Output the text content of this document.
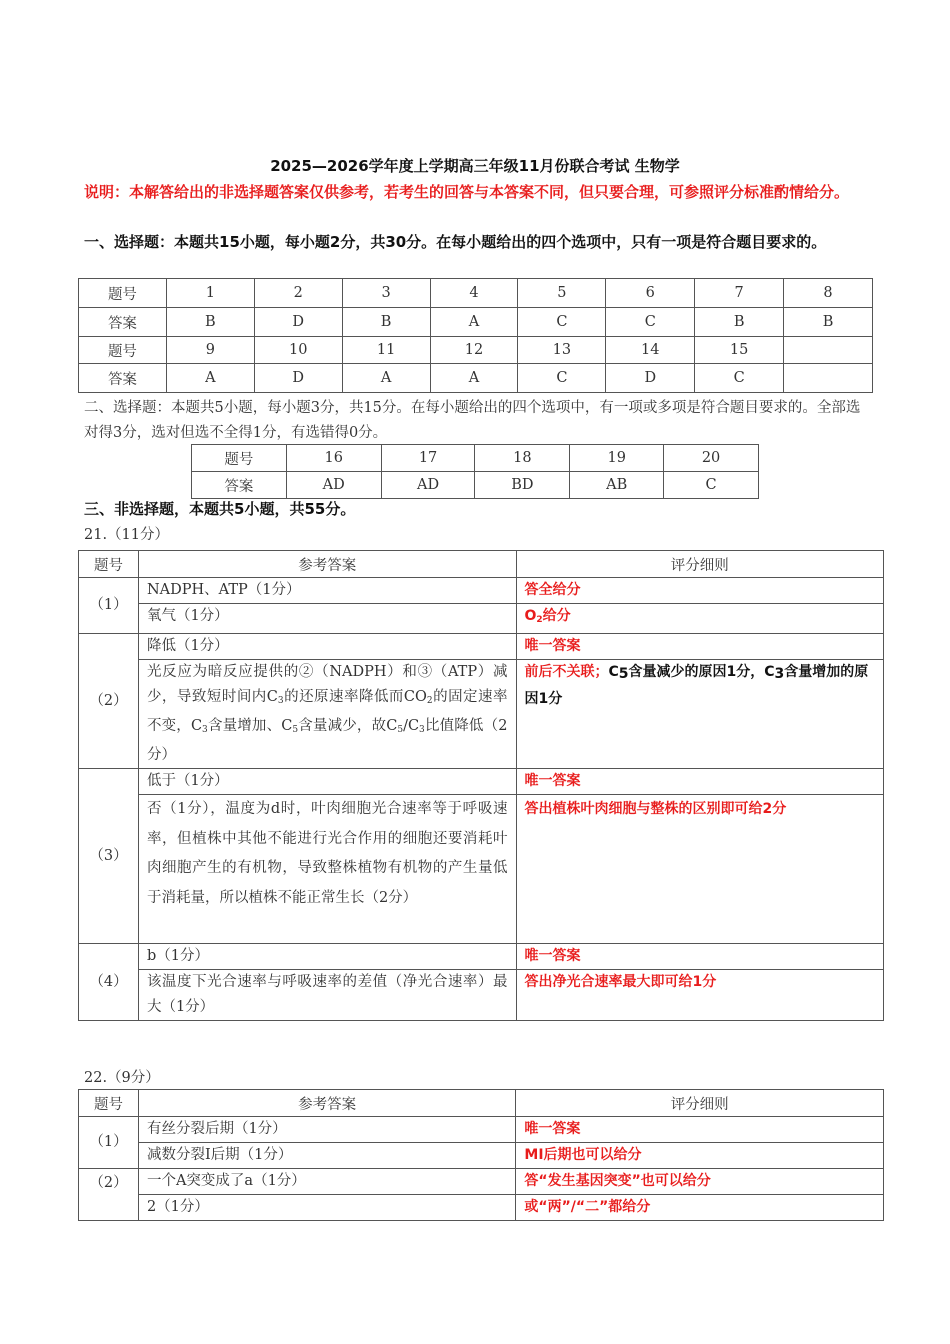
2025—2026学年度上学期高三年级11月份联合考试 生物学
说明：本解答给出的非选择题答案仅供参考，若考生的回答与本答案不同，但只要合理，可参照评分标准酌情给分。
一、选择题：本题共15小题，每小题2分，共30分。在每小题给出的四个选项中，只有一项是符合题目要求的。
题号	1	2	3	4	5	6	7	8
答案	B	D	B	A	C	C	B	B
题号	9	10	11	12	13	14	15	
答案	A	D	A	A	C	D	C	
二、选择题：本题共5小题，每小题3分，共15分。在每小题给出的四个选项中，有一项或多项是符合题目要求的。全部选对得3分，选对但选不全得1分，有选错得0分。
题号	16	17	18	19	20
答案	AD	AD	BD	AB	C
三、非选择题，本题共5小题，共55分。
21.（11分）
题号	参考答案	评分细则
（1）	NADPH、ATP（1分）	答全给分
	氧气（1分）	$O_2$给分
（2）	降低（1分）	唯一答案
	光反应为暗反应提供的②（NADPH）和③（ATP）减少，导致短时间内$C_3$的还原速率降低而$CO_2$的固定速率不变，$C_3$含量增加、$C_5$含量减少，故$C_5/C_3$比值降低（2分）	前后不关联；$C_5$含量减少的原因1分，$C_3$含量增加的原因1分
（3）	低于（1分）	唯一答案
	否（1分），温度为d时，叶肉细胞光合速率等于呼吸速率，但植株中其他不能进行光合作用的细胞还要消耗叶肉细胞产生的有机物，导致整株植物有机物的产生量低于消耗量，所以植株不能正常生长（2分）	答出植株叶肉细胞与整株的区别即可给2分
（4）	b（1分）	唯一答案
	该温度下光合速率与呼吸速率的差值（净光合速率）最大（1分）	答出净光合速率最大即可给1分
22.（9分）
题号	参考答案	评分细则
（1）	有丝分裂后期（1分）	唯一答案
	减数分裂Ⅰ后期（1分）	MI后期也可以给分
（2）	一个A突变成了a（1分）	答“发生基因突变”也可以给分
	2（1分）	或“两”/“二”都给分
